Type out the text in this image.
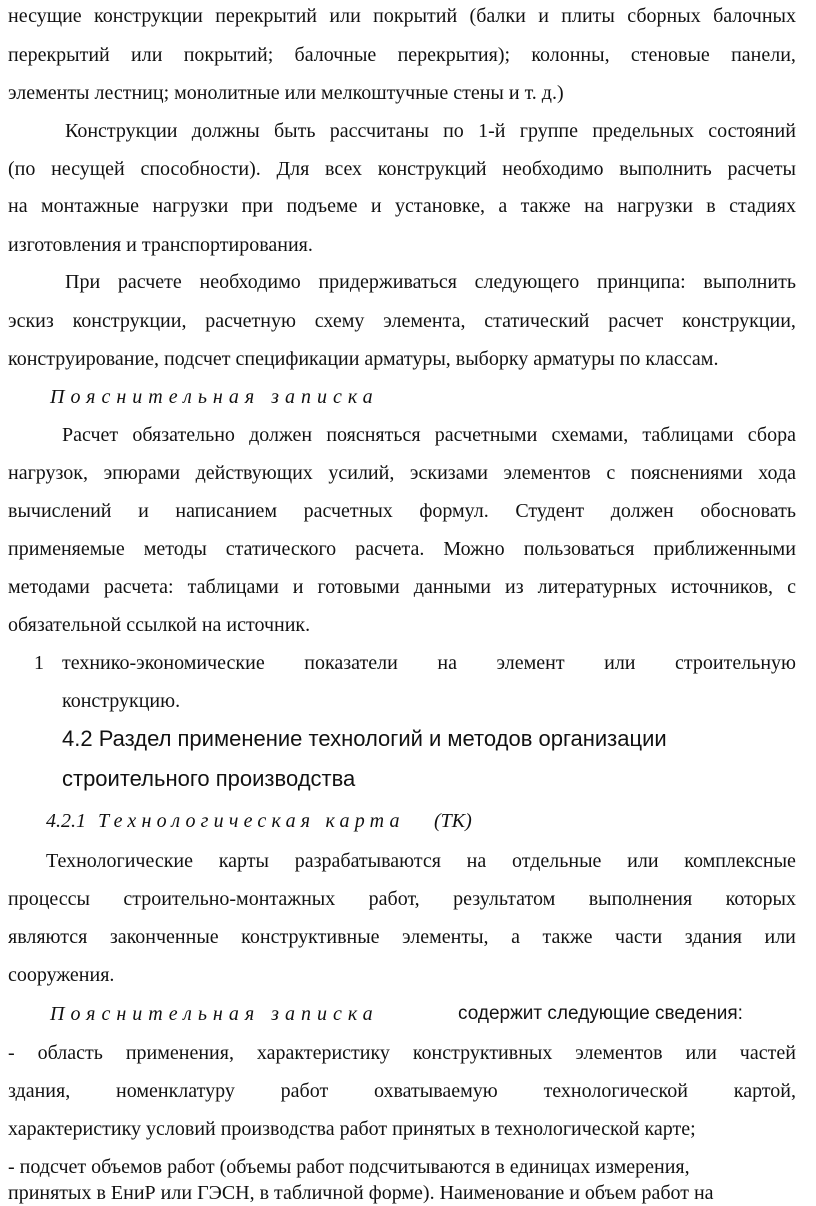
несущие конструкции перекрытий или покрытий (балки и плиты сборных балочных
перекрытий или покрытий; балочные перекрытия); колонны, стеновые панели,
элементы лестниц; монолитные или мелкоштучные стены и т. д.)
Конструкции должны быть рассчитаны по 1-й группе предельных состояний
(по несущей способности). Для всех конструкций необходимо выполнить расчеты
на монтажные нагрузки при подъеме и установке, а также на нагрузки в стадиях
изготовления и транспортирования.
При расчете необходимо придерживаться следующего принципа: выполнить
эскиз конструкции, расчетную схему элемента, статический расчет конструкции,
конструирование, подсчет спецификации арматуры, выборку арматуры по классам.
Пояснительная записка
Расчет обязательно должен поясняться расчетными схемами, таблицами сбора
нагрузок, эпюрами действующих усилий, эскизами элементов с пояснениями хода
вычислений и написанием расчетных формул. Студент должен обосновать
применяемые методы статического расчета. Можно пользоваться приближенными
методами расчета: таблицами и готовыми данными из литературных источников, с
обязательной ссылкой на источник.
1 технико-экономические показатели на элемент или строительную
конструкцию.
4.2 Раздел применение технологий и методов организации
строительного производства
4.2.1 Технологическая карта (ТК)
Технологические карты разрабатываются на отдельные или комплексные
процессы строительно-монтажных работ, результатом выполнения которых
являются законченные конструктивные элементы, а также части здания или
сооружения.
Пояснительная записка	содержит следующие сведения:
- область применения, характеристику конструктивных элементов или частей
здания, номенклатуру работ охватываемую технологической картой,
характеристику условий производства работ принятых в технологической карте;
- подсчет объемов работ (объемы работ подсчитываются в единицах измерения,
принятых в ЕниР или ГЭСН, в табличной форме). Наименование и объем работ на
